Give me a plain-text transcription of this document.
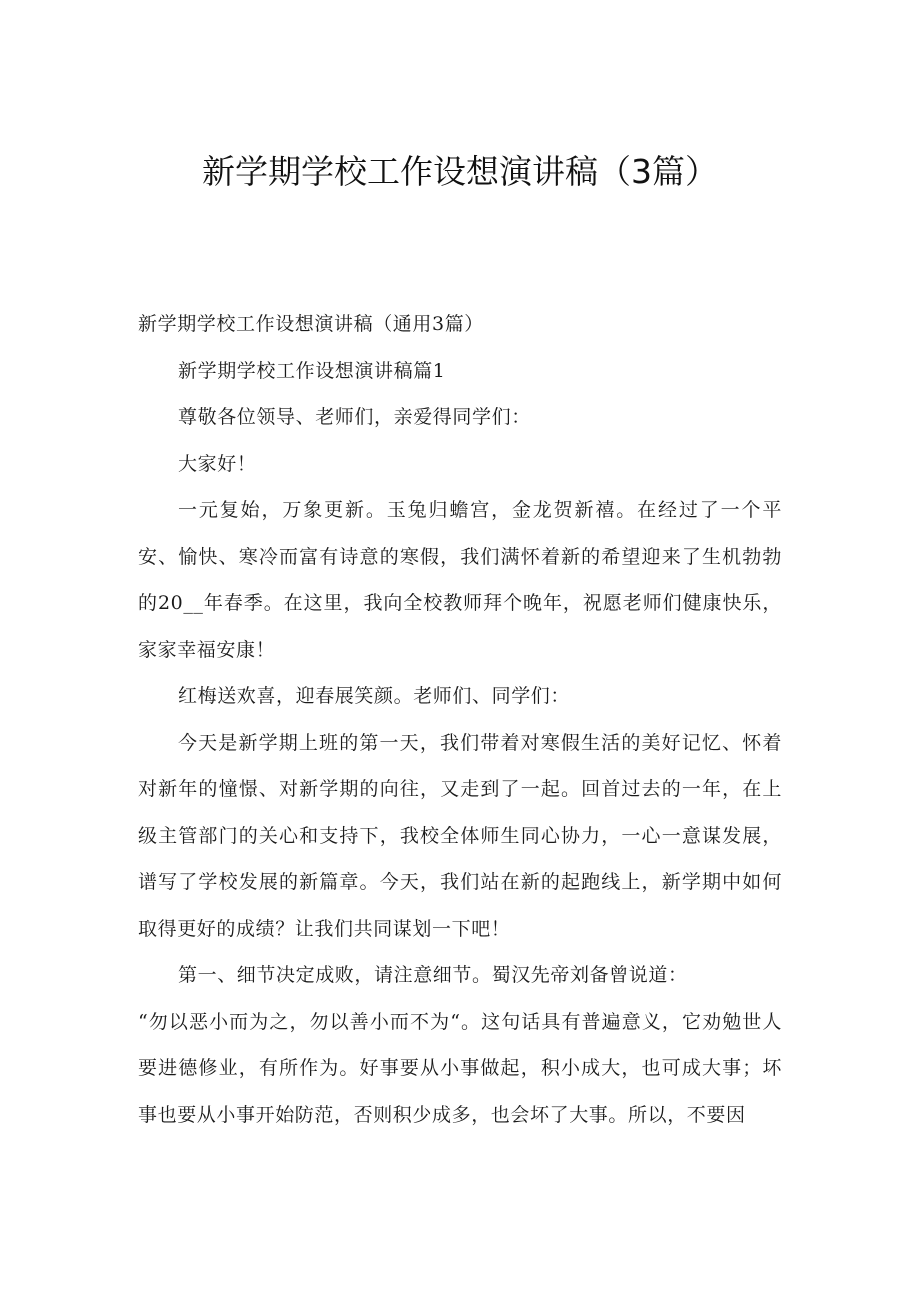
新学期学校工作设想演讲稿（3篇）

新学期学校工作设想演讲稿（通用3篇）

新学期学校工作设想演讲稿篇1

尊敬各位领导、老师们，亲爱得同学们：

大家好！

一元复始，万象更新。玉兔归蟾宫，金龙贺新禧。在经过了一个平安、愉快、寒冷而富有诗意的寒假，我们满怀着新的希望迎来了生机勃勃的20__年春季。在这里，我向全校教师拜个晚年，祝愿老师们健康快乐，家家幸福安康！

红梅送欢喜，迎春展笑颜。老师们、同学们：

今天是新学期上班的第一天，我们带着对寒假生活的美好记忆、怀着对新年的憧憬、对新学期的向往，又走到了一起。回首过去的一年，在上级主管部门的关心和支持下，我校全体师生同心协力，一心一意谋发展，谱写了学校发展的新篇章。今天，我们站在新的起跑线上，新学期中如何取得更好的成绩？让我们共同谋划一下吧！

第一、细节决定成败，请注意细节。蜀汉先帝刘备曾说道：

“勿以恶小而为之，勿以善小而不为“。这句话具有普遍意义，它劝勉世人要进德修业，有所作为。好事要从小事做起，积小成大，也可成大事；坏事也要从小事开始防范，否则积少成多，也会坏了大事。所以，不要因
